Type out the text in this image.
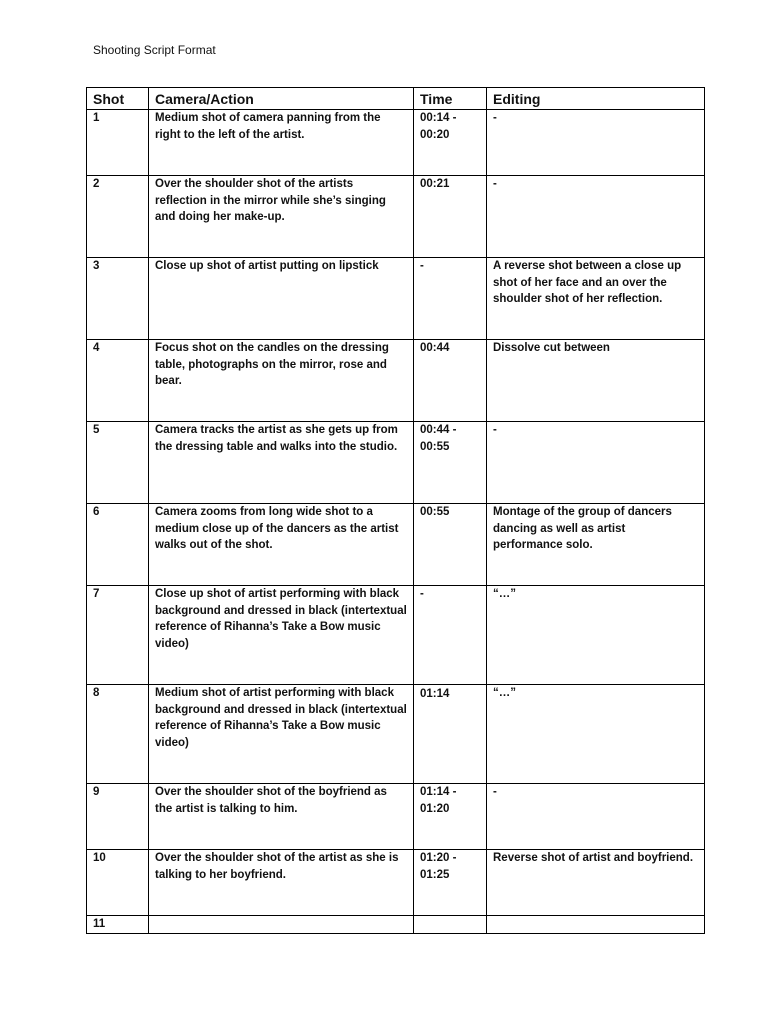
Shooting Script Format
Shot	Camera/Action	Time	Editing
1	Medium shot of camera panning from the right to the left of the artist.	00:14 - 00:20	-
2	Over the shoulder shot of the artists reflection in the mirror while she’s singing and doing her make-up.	00:21	-
3	Close up shot of artist putting on lipstick	-	A reverse shot between a close up shot of her face and an over the shoulder shot of her reflection.
4	Focus shot on the candles on the dressing table, photographs on the mirror, rose and bear.	00:44	Dissolve cut between
5	Camera tracks the artist as she gets up from the dressing table and walks into the studio.	00:44 - 00:55	-
6	Camera zooms from long wide shot to a medium close up of the dancers as the artist walks out of the shot.	00:55	Montage of the group of dancers dancing as well as artist performance solo.
7	Close up shot of artist performing with black background and dressed in black (intertextual reference of Rihanna’s Take a Bow music video)	-	“…”
8	Medium shot of artist performing with black background and dressed in black (intertextual reference of Rihanna’s Take a Bow music video)	01:14	“…”
9	Over the shoulder shot of the boyfriend as the artist is talking to him.	01:14 - 01:20	-
10	Over the shoulder shot of the artist as she is talking to her boyfriend.	01:20 - 01:25	Reverse shot of artist and boyfriend.
11			
